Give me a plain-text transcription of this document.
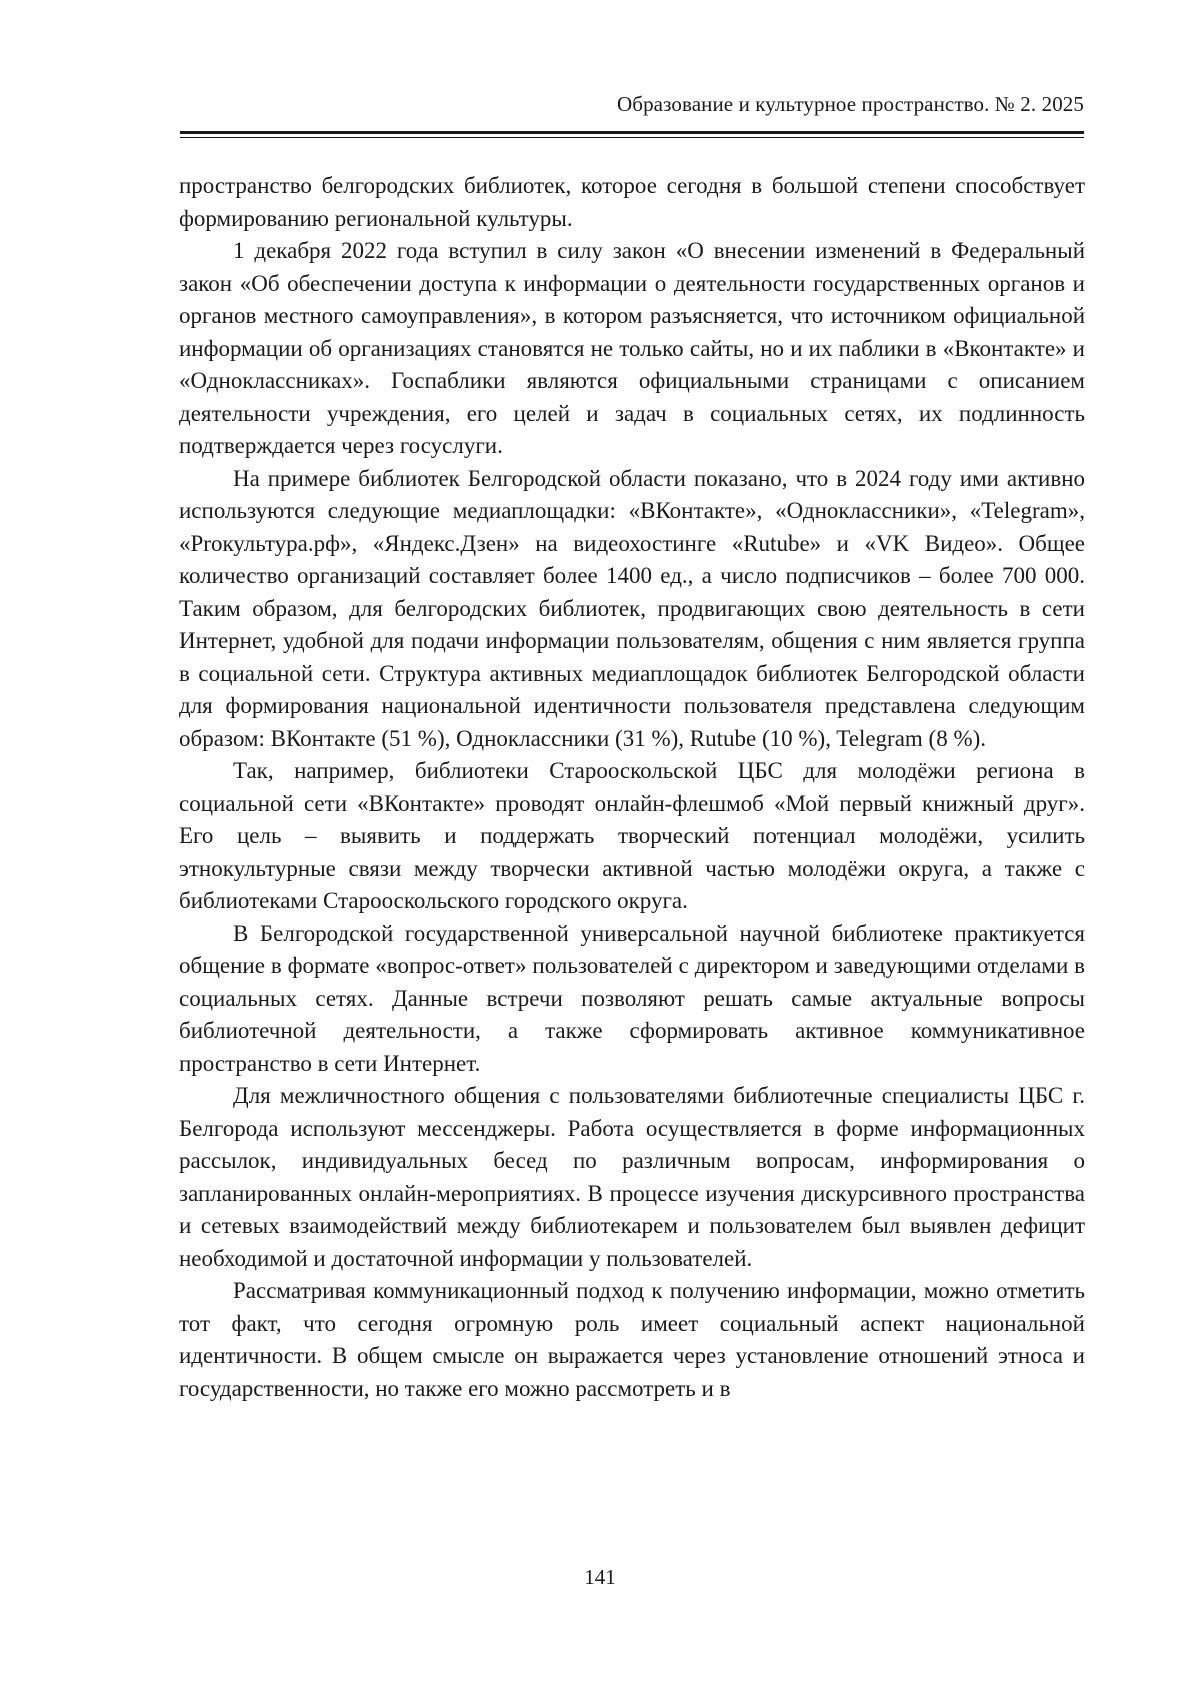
Образование и культурное пространство. № 2. 2025

пространство белгородских библиотек, которое сегодня в большой степени способствует формированию региональной культуры.

1 декабря 2022 года вступил в силу закон «О внесении изменений в Федеральный закон «Об обеспечении доступа к информации о деятельности государственных органов и органов местного самоуправления», в котором разъясняется, что источником официальной информации об организациях становятся не только сайты, но и их паблики в «Вконтакте» и «Одноклассниках». Госпаблики являются официальными страницами с описанием деятельности учреждения, его целей и задач в социальных сетях, их подлинность подтверждается через госуслуги.

На примере библиотек Белгородской области показано, что в 2024 году ими активно используются следующие медиаплощадки: «ВКонтакте», «Одноклассники», «Telegram», «Proкультура.рф», «Яндекс.Дзен» на видеохостинге «Rutube» и «VK Видео». Общее количество организаций составляет более 1400 ед., а число подписчиков – более 700 000. Таким образом, для белгородских библиотек, продвигающих свою деятельность в сети Интернет, удобной для подачи информации пользователям, общения с ним является группа в социальной сети. Структура активных медиаплощадок библиотек Белгородской области для формирования национальной идентичности пользователя представлена следующим образом: ВКонтакте (51 %), Одноклассники (31 %), Rutube (10 %), Telegram (8 %).

Так, например, библиотеки Старооскольской ЦБС для молодёжи региона в социальной сети «ВКонтакте» проводят онлайн-флешмоб «Мой первый книжный друг». Его цель – выявить и поддержать творческий потенциал молодёжи, усилить этнокультурные связи между творчески активной частью молодёжи округа, а также с библиотеками Старооскольского городского округа.

В Белгородской государственной универсальной научной библиотеке практикуется общение в формате «вопрос-ответ» пользователей с директором и заведующими отделами в социальных сетях. Данные встречи позволяют решать самые актуальные вопросы библиотечной деятельности, а также сформировать активное коммуникативное пространство в сети Интернет.

Для межличностного общения с пользователями библиотечные специалисты ЦБС г. Белгорода используют мессенджеры. Работа осуществляется в форме информационных рассылок, индивидуальных бесед по различным вопросам, информирования о запланированных онлайн-мероприятиях. В процессе изучения дискурсивного пространства и сетевых взаимодействий между библиотекарем и пользователем был выявлен дефицит необходимой и достаточной информации у пользователей.

Рассматривая коммуникационный подход к получению информации, можно отметить тот факт, что сегодня огромную роль имеет социальный аспект национальной идентичности. В общем смысле он выражается через установление отношений этноса и государственности, но также его можно рассмотреть и в

141
